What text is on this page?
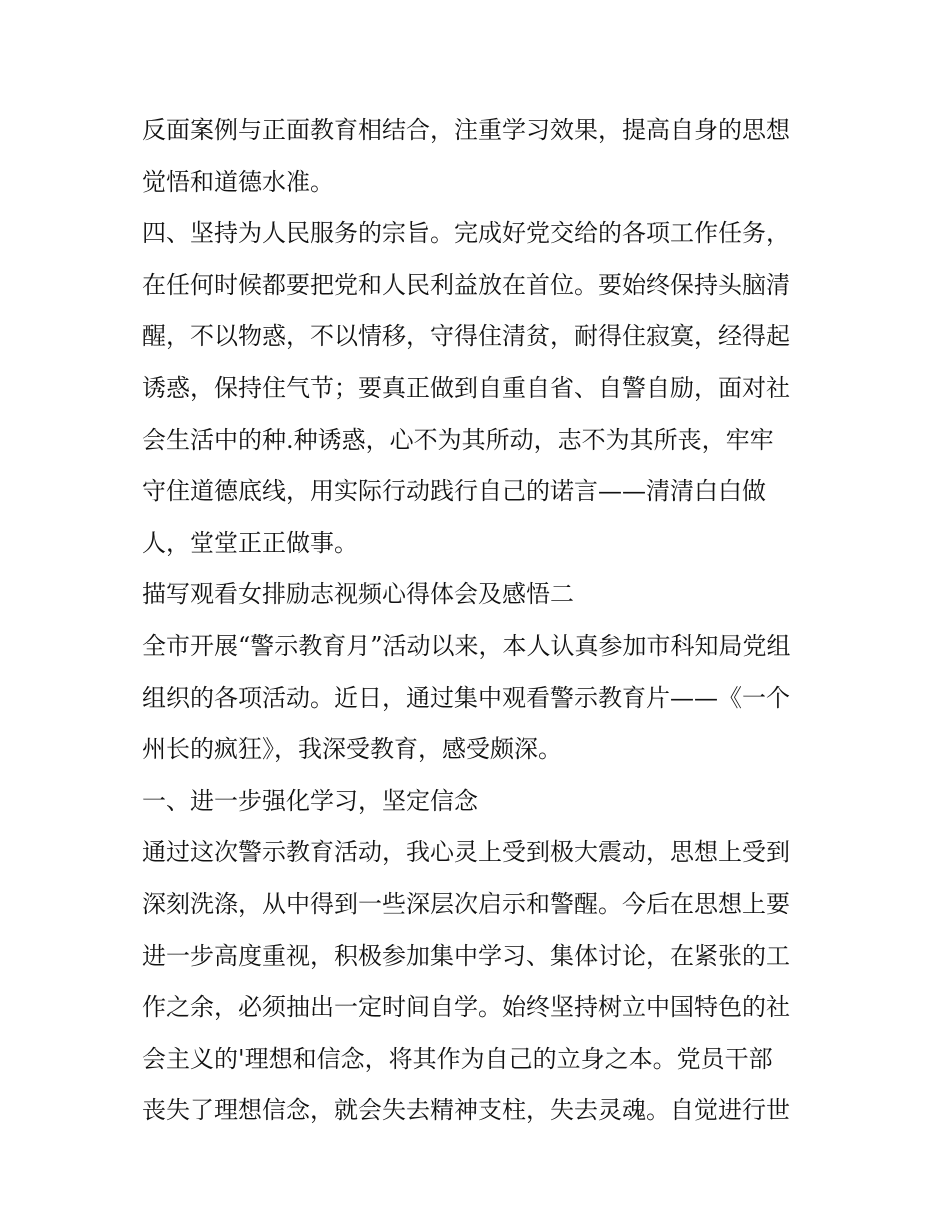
反面案例与正面教育相结合，注重学习效果，提高自身的思想
觉悟和道德水准。
四、坚持为人民服务的宗旨。完成好党交给的各项工作任务，
在任何时候都要把党和人民利益放在首位。要始终保持头脑清
醒，不以物惑，不以情移，守得住清贫，耐得住寂寞，经得起
诱惑，保持住气节；要真正做到自重自省、自警自励，面对社
会生活中的种.种诱惑，心不为其所动，志不为其所丧，牢牢
守住道德底线，用实际行动践行自己的诺言——清清白白做
人，堂堂正正做事。
描写观看女排励志视频心得体会及感悟二
全市开展“警示教育月”活动以来，本人认真参加市科知局党组
组织的各项活动。近日，通过集中观看警示教育片——《一个
州长的疯狂》，我深受教育，感受颇深。
一、进一步强化学习，坚定信念
通过这次警示教育活动，我心灵上受到极大震动，思想上受到
深刻洗涤，从中得到一些深层次启示和警醒。今后在思想上要
进一步高度重视，积极参加集中学习、集体讨论，在紧张的工
作之余，必须抽出一定时间自学。始终坚持树立中国特色的社
会主义的'理想和信念，将其作为自己的立身之本。党员干部
丧失了理想信念，就会失去精神支柱，失去灵魂。自觉进行世
